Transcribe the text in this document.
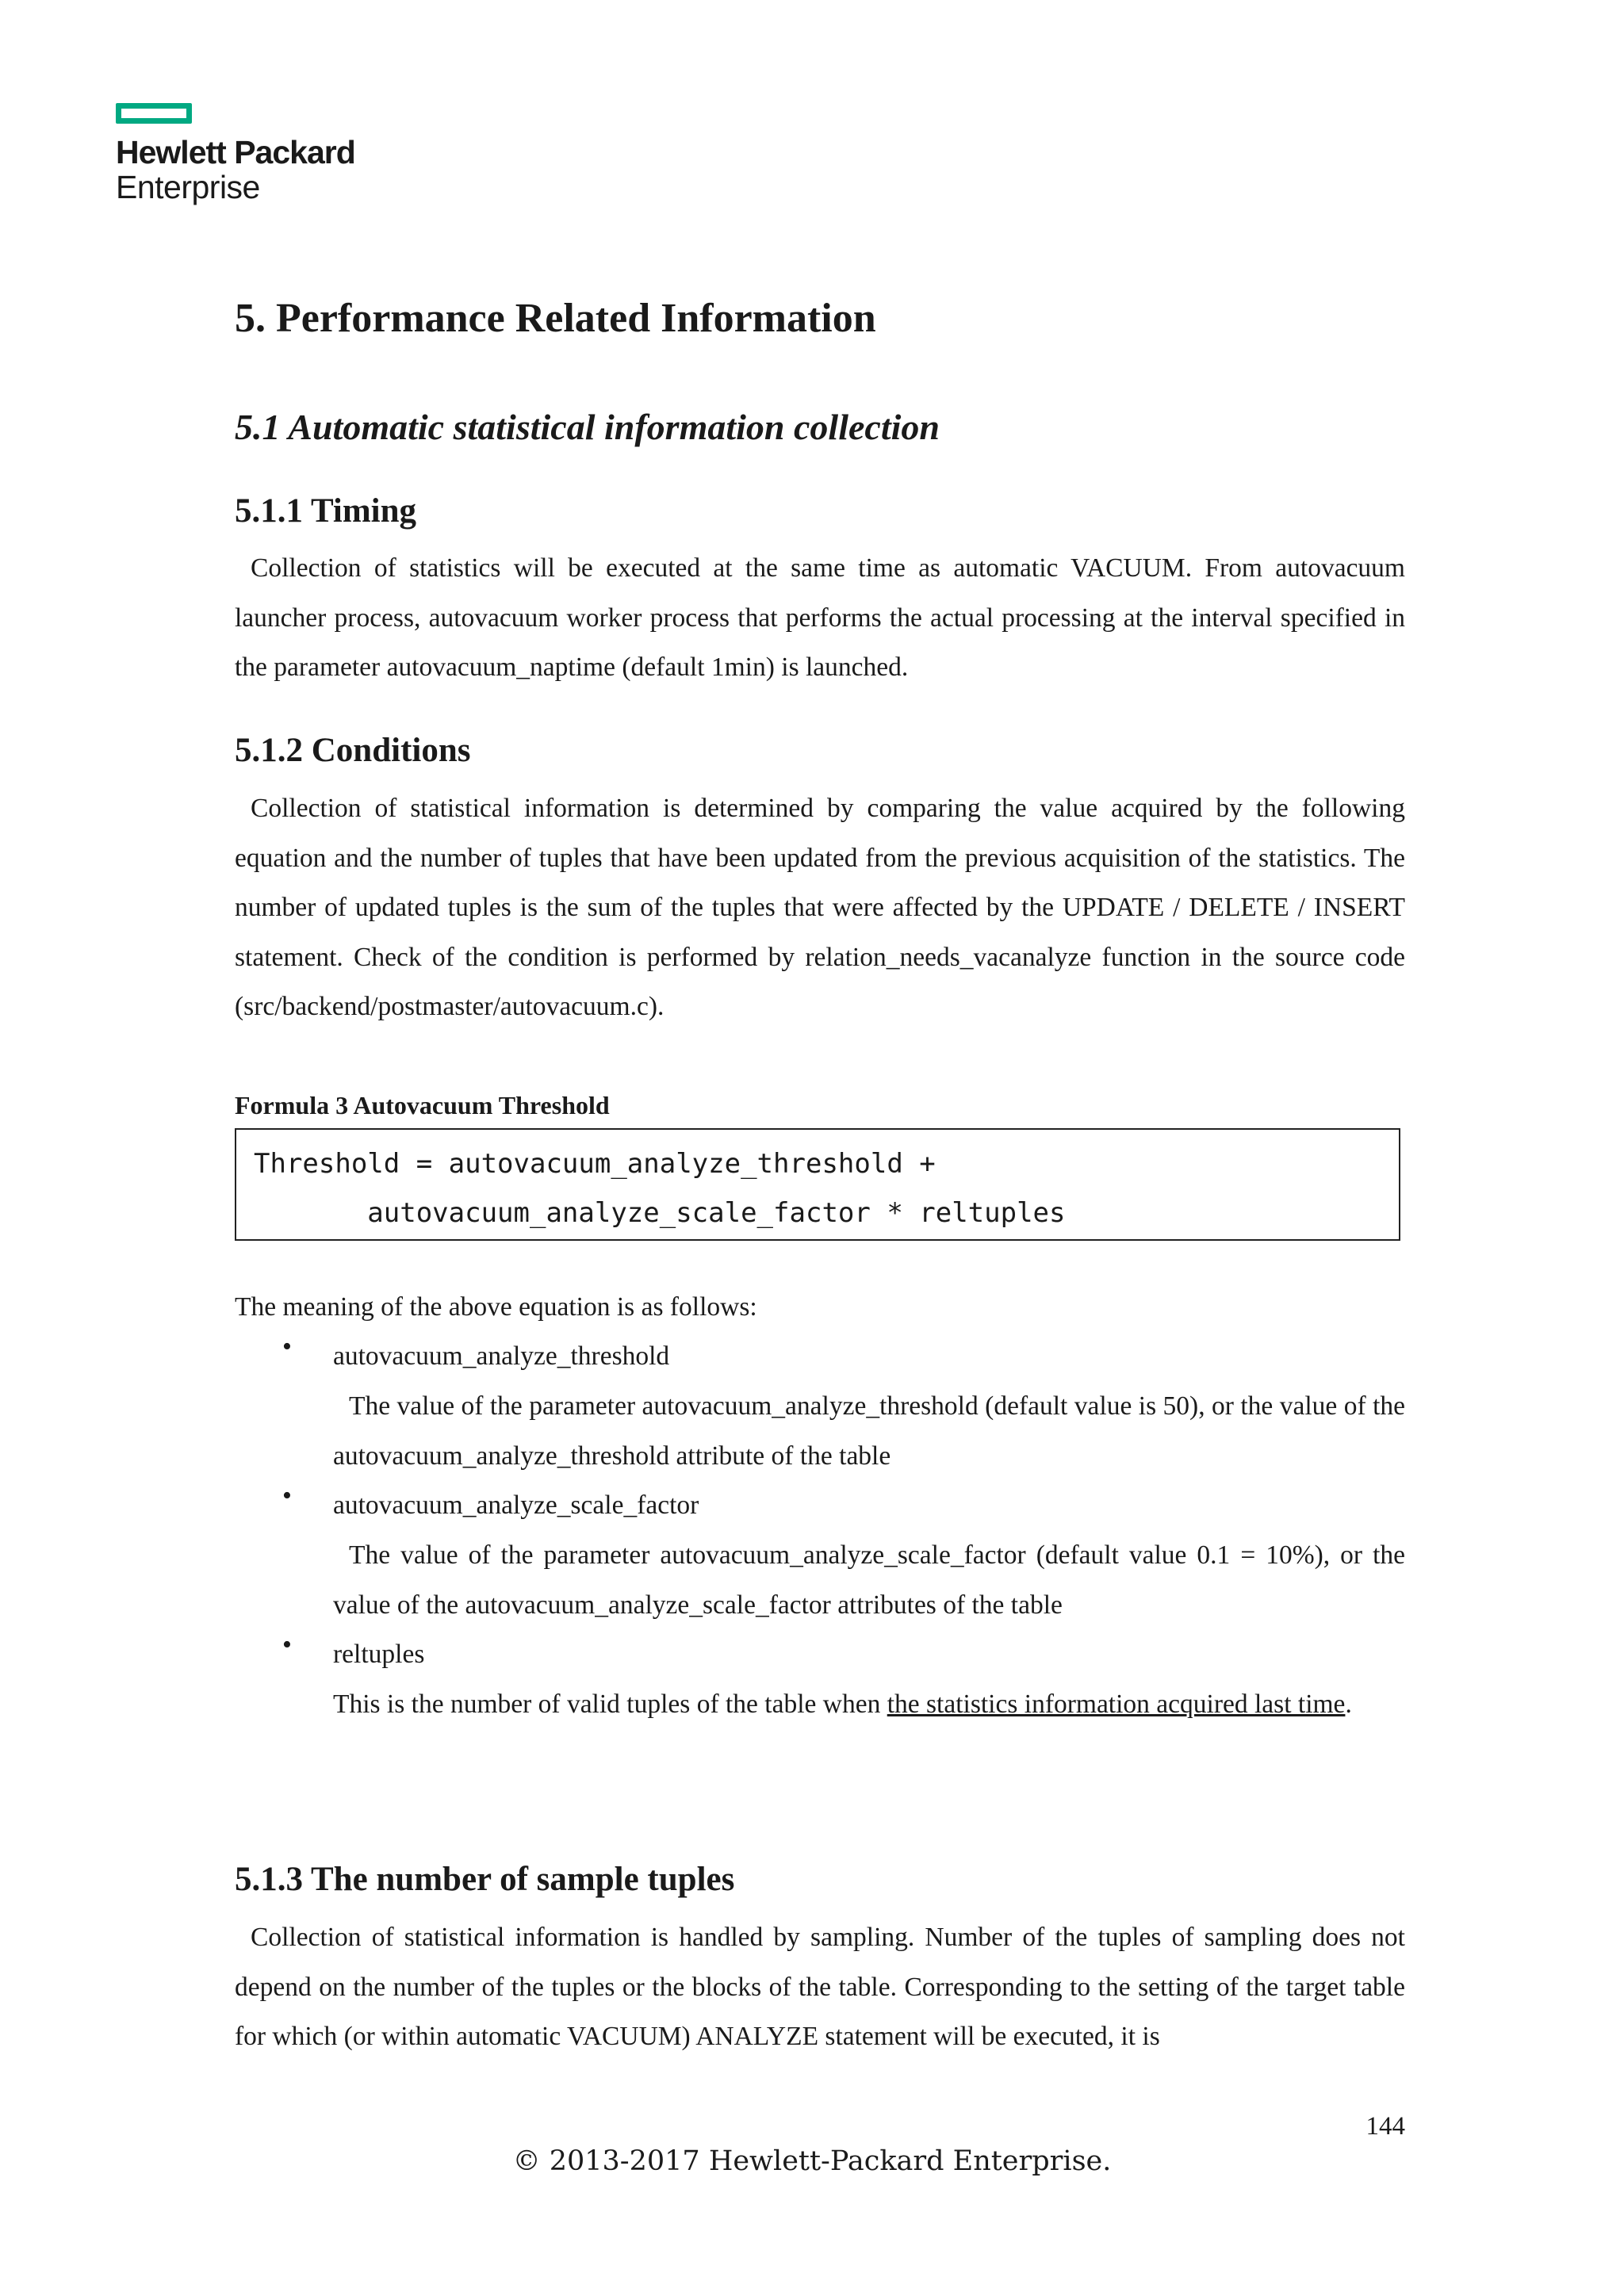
Hewlett Packard
Enterprise
5. Performance Related Information
5.1 Automatic statistical information collection
5.1.1 Timing

Collection of statistics will be executed at the same time as automatic VACUUM. From autovacuum launcher process, autovacuum worker process that performs the actual processing at the interval specified in the parameter autovacuum_naptime (default 1min) is launched.

5.1.2 Conditions

Collection of statistical information is determined by comparing the value acquired by the following equation and the number of tuples that have been updated from the previous acquisition of the statistics. The number of updated tuples is the sum of the tuples that were affected by the UPDATE / DELETE / INSERT statement. Check of the condition is performed by relation_needs_vacanalyze function in the source code (src/backend/postmaster/autovacuum.c).

Formula 3 Autovacuum Threshold
Threshold = autovacuum_analyze_threshold +
autovacuum_analyze_scale_factor * reltuples

The meaning of the above equation is as follows:

• autovacuum_analyze_threshold

The value of the parameter autovacuum_analyze_threshold (default value is 50), or the value of the autovacuum_analyze_threshold attribute of the table

• autovacuum_analyze_scale_factor

The value of the parameter autovacuum_analyze_scale_factor (default value 0.1 = 10%), or the value of the autovacuum_analyze_scale_factor attributes of the table

• reltuples

This is the number of valid tuples of the table when the statistics information acquired last time.

5.1.3 The number of sample tuples

Collection of statistical information is handled by sampling. Number of the tuples of sampling does not depend on the number of the tuples or the blocks of the table. Corresponding to the setting of the target table for which (or within automatic VACUUM) ANALYZE statement will be executed, it is

144
© 2013-2017 Hewlett-Packard Enterprise.
